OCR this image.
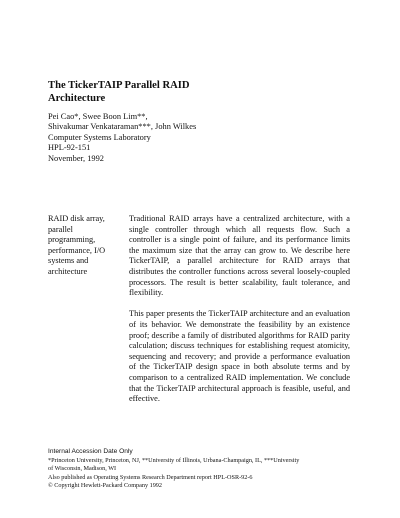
The TickerTAIP Parallel RAID
Architecture
Pei Cao*, Swee Boon Lim**,
Shivakumar Venkataraman***, John Wilkes
Computer Systems Laboratory
HPL-92-151
November, 1992
RAID disk array,
parallel
programming,
performance, I/O
systems and
architecture

Traditional RAID arrays have a centralized architecture, with a single controller through which all requests flow. Such a controller is a single point of failure, and its performance limits the maximum size that the array can grow to. We describe here TickerTAIP, a parallel architecture for RAID arrays that distributes the controller functions across several loosely-coupled processors. The result is better scalability, fault tolerance, and flexibility.

This paper presents the TickerTAIP architecture and an evaluation of its behavior. We demonstrate the feasibility by an existence proof; describe a family of distributed algorithms for RAID parity calculation; discuss techniques for establishing request atomicity, sequencing and recovery; and provide a performance evaluation of the TickerTAIP design space in both absolute terms and by comparison to a centralized RAID implementation. We conclude that the TickerTAIP architectural approach is feasible, useful, and effective.

Internal Accession Date Only
*Princeton University, Princeton, NJ, **University of Illinois, Urbana-Champaign, IL, ***University
of Wisconsin, Madison, WI
Also published as Operating Systems Research Department report HPL-OSR-92-6
© Copyright Hewlett-Packard Company 1992
